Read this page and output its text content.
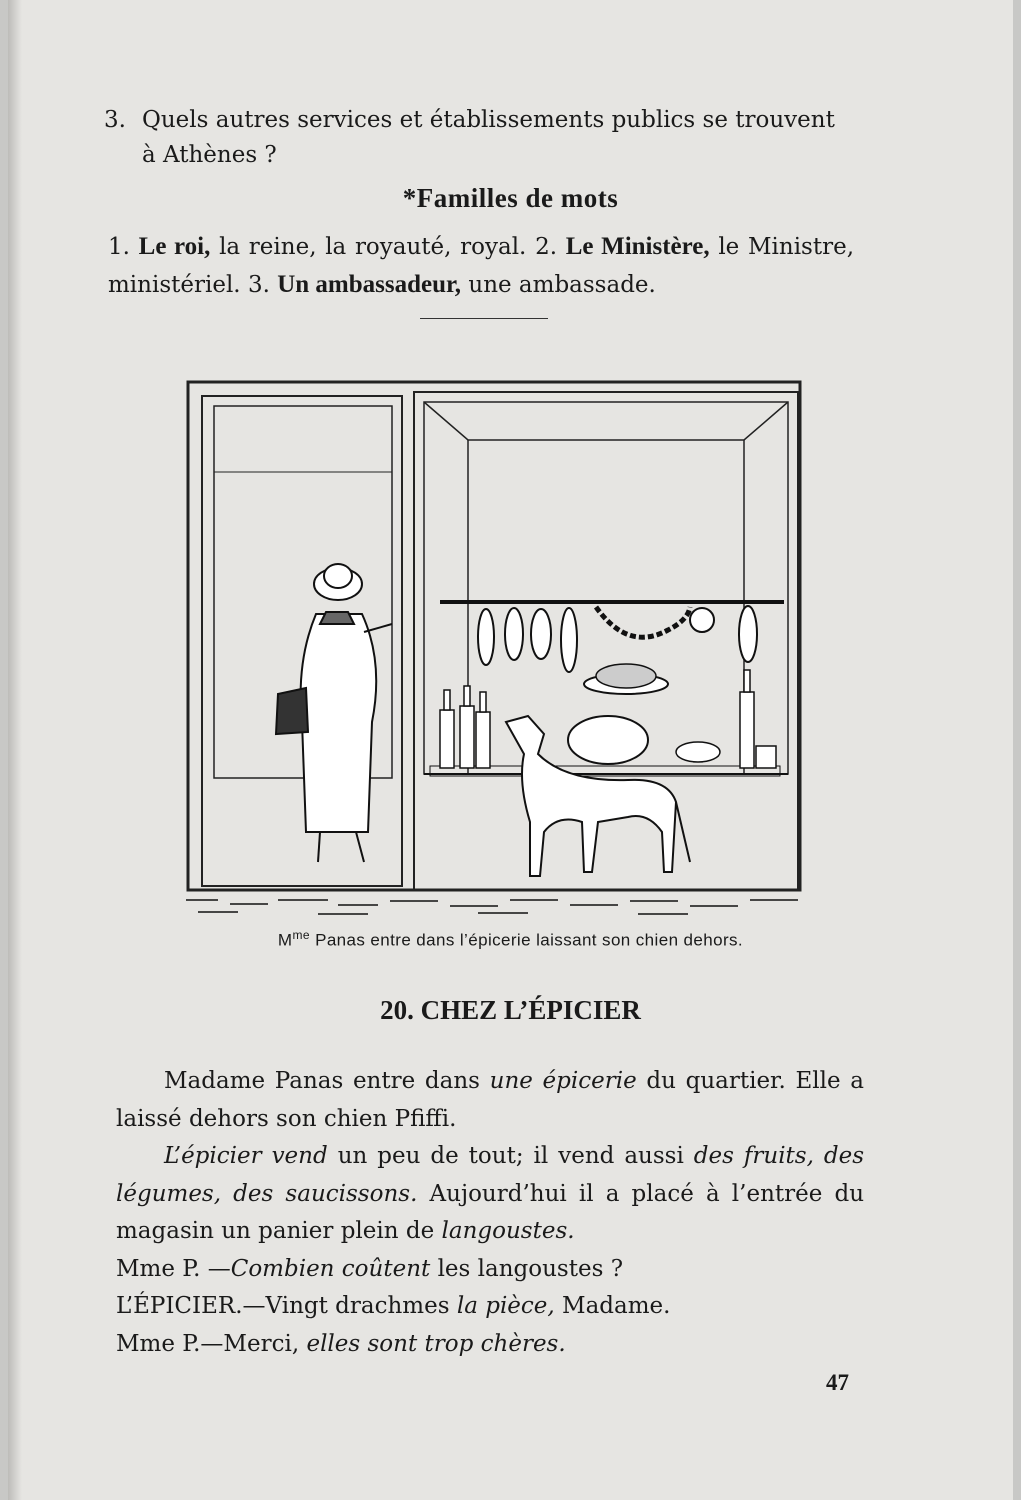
3. Quels autres services et établissements publics se trouvent
à Athènes ?
*Familles de mots
1. Le roi, la reine, la royauté, royal. 2. Le Ministère, le Ministre, ministériel. 3. Un ambassadeur, une ambassade.
$M^{me}$ Panas entre dans l’épicerie laissant son chien dehors.
20. CHEZ L’ÉPICIER

Madame Panas entre dans une épicerie du quartier. Elle a laissé dehors son chien Pfiffi.

L’épicier vend un peu de tout; il vend aussi des fruits, des légumes, des saucissons. Aujourd’hui il a placé à l’entrée du magasin un panier plein de langoustes.

Mme P. —Combien coûtent les langoustes ?

L’ÉPICIER.—Vingt drachmes la pièce, Madame.

Mme P.—Merci, elles sont trop chères.

47
